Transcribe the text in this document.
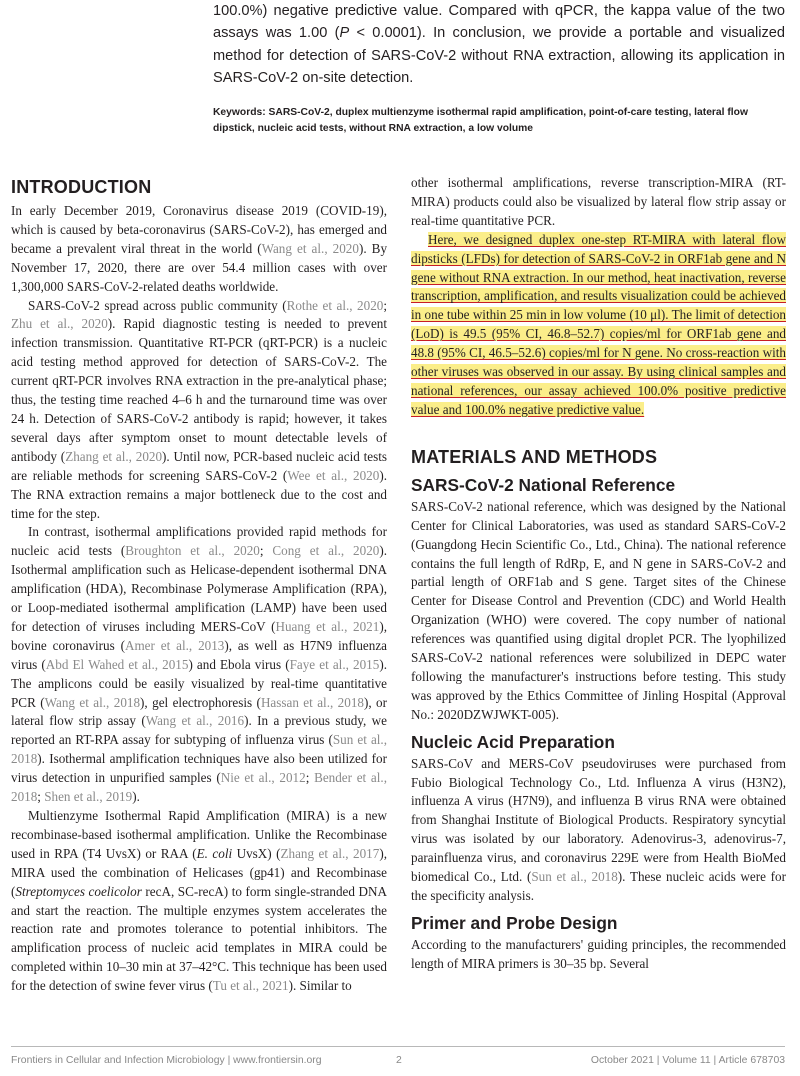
100.0%) negative predictive value. Compared with qPCR, the kappa value of the two assays was 1.00 (P < 0.0001). In conclusion, we provide a portable and visualized method for detection of SARS-CoV-2 without RNA extraction, allowing its application in SARS-CoV-2 on-site detection.

Keywords: SARS-CoV-2, duplex multienzyme isothermal rapid amplification, point-of-care testing, lateral flow dipstick, nucleic acid tests, without RNA extraction, a low volume
INTRODUCTION

In early December 2019, Coronavirus disease 2019 (COVID-19), which is caused by beta-coronavirus (SARS-CoV-2), has emerged and became a prevalent viral threat in the world (Wang et al., 2020). By November 17, 2020, there are over 54.4 million cases with over 1,300,000 SARS-CoV-2-related deaths worldwide.

SARS-CoV-2 spread across public community (Rothe et al., 2020; Zhu et al., 2020). Rapid diagnostic testing is needed to prevent infection transmission. Quantitative RT-PCR (qRT-PCR) is a nucleic acid testing method approved for detection of SARS-CoV-2. The current qRT-PCR involves RNA extraction in the pre-analytical phase; thus, the testing time reached 4–6 h and the turnaround time was over 24 h. Detection of SARS-CoV-2 antibody is rapid; however, it takes several days after symptom onset to mount detectable levels of antibody (Zhang et al., 2020). Until now, PCR-based nucleic acid tests are reliable methods for screening SARS-CoV-2 (Wee et al., 2020). The RNA extraction remains a major bottleneck due to the cost and time for the step.

In contrast, isothermal amplifications provided rapid methods for nucleic acid tests (Broughton et al., 2020; Cong et al., 2020). Isothermal amplification such as Helicase-dependent isothermal DNA amplification (HDA), Recombinase Polymerase Amplification (RPA), or Loop-mediated isothermal amplification (LAMP) have been used for detection of viruses including MERS-CoV (Huang et al., 2021), bovine coronavirus (Amer et al., 2013), as well as H7N9 influenza virus (Abd El Wahed et al., 2015) and Ebola virus (Faye et al., 2015). The amplicons could be easily visualized by real-time quantitative PCR (Wang et al., 2018), gel electrophoresis (Hassan et al., 2018), or lateral flow strip assay (Wang et al., 2016). In a previous study, we reported an RT-RPA assay for subtyping of influenza virus (Sun et al., 2018). Isothermal amplification techniques have also been utilized for virus detection in unpurified samples (Nie et al., 2012; Bender et al., 2018; Shen et al., 2019).

Multienzyme Isothermal Rapid Amplification (MIRA) is a new recombinase-based isothermal amplification. Unlike the Recombinase used in RPA (T4 UvsX) or RAA (E. coli UvsX) (Zhang et al., 2017), MIRA used the combination of Helicases (gp41) and Recombinase (Streptomyces coelicolor recA, SC-recA) to form single-stranded DNA and start the reaction. The multiple enzymes system accelerates the reaction rate and promotes tolerance to potential inhibitors. The amplification process of nucleic acid templates in MIRA could be completed within 10–30 min at 37–42°C. This technique has been used for the detection of swine fever virus (Tu et al., 2021). Similar to

other isothermal amplifications, reverse transcription-MIRA (RT-MIRA) products could also be visualized by lateral flow strip assay or real-time quantitative PCR.

Here, we designed duplex one-step RT-MIRA with lateral flow dipsticks (LFDs) for detection of SARS-CoV-2 in ORF1ab gene and N gene without RNA extraction. In our method, heat inactivation, reverse transcription, amplification, and results visualization could be achieved in one tube within 25 min in low volume (10 μl). The limit of detection (LoD) is 49.5 (95% CI, 46.8–52.7) copies/ml for ORF1ab gene and 48.8 (95% CI, 46.5–52.6) copies/ml for N gene. No cross-reaction with other viruses was observed in our assay. By using clinical samples and national references, our assay achieved 100.0% positive predictive value and 100.0% negative predictive value.

MATERIALS AND METHODS
SARS-CoV-2 National Reference

SARS-CoV-2 national reference, which was designed by the National Center for Clinical Laboratories, was used as standard SARS-CoV-2 (Guangdong Hecin Scientific Co., Ltd., China). The national reference contains the full length of RdRp, E, and N gene in SARS-CoV-2 and partial length of ORF1ab and S gene. Target sites of the Chinese Center for Disease Control and Prevention (CDC) and World Health Organization (WHO) were covered. The copy number of national references was quantified using digital droplet PCR. The lyophilized SARS-CoV-2 national references were solubilized in DEPC water following the manufacturer's instructions before testing. This study was approved by the Ethics Committee of Jinling Hospital (Approval No.: 2020DZWJWKT-005).

Nucleic Acid Preparation

SARS-CoV and MERS-CoV pseudoviruses were purchased from Fubio Biological Technology Co., Ltd. Influenza A virus (H3N2), influenza A virus (H7N9), and influenza B virus RNA were obtained from Shanghai Institute of Biological Products. Respiratory syncytial virus was isolated by our laboratory. Adenovirus-3, adenovirus-7, parainfluenza virus, and coronavirus 229E were from Health BioMed biomedical Co., Ltd. (Sun et al., 2018). These nucleic acids were for the specificity analysis.

Primer and Probe Design

According to the manufacturers' guiding principles, the recommended length of MIRA primers is 30–35 bp. Several

Frontiers in Cellular and Infection Microbiology | www.frontiersin.org	2	October 2021 | Volume 11 | Article 678703
